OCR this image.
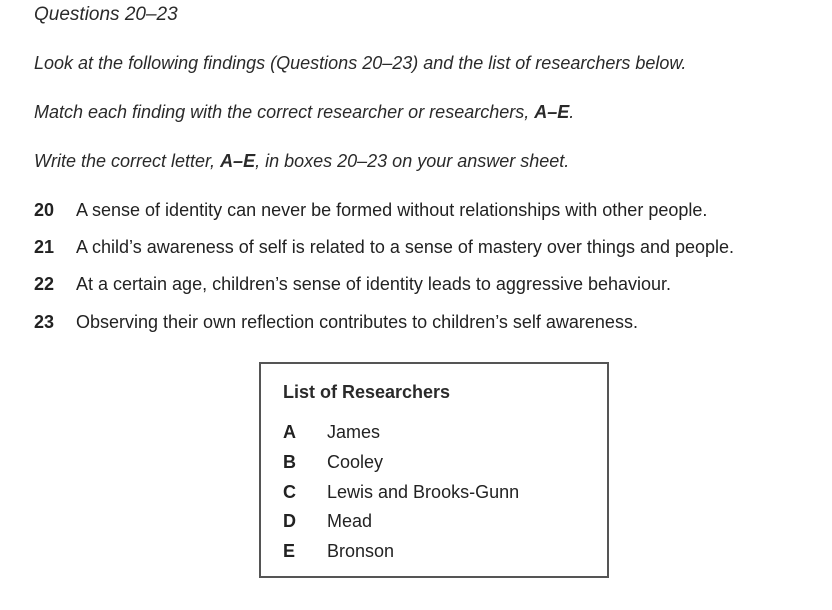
Questions 20–23
Look at the following findings (Questions 20–23) and the list of researchers below.
Match each finding with the correct researcher or researchers, A–E.
Write the correct letter, A–E, in boxes 20–23 on your answer sheet.
20	A sense of identity can never be formed without relationships with other people.
21	A child’s awareness of self is related to a sense of mastery over things and people.
22	At a certain age, children’s sense of identity leads to aggressive behaviour.
23	Observing their own reflection contributes to children’s self awareness.
List of Researchers
A	James
B	Cooley
C	Lewis and Brooks-Gunn
D	Mead
E	Bronson
